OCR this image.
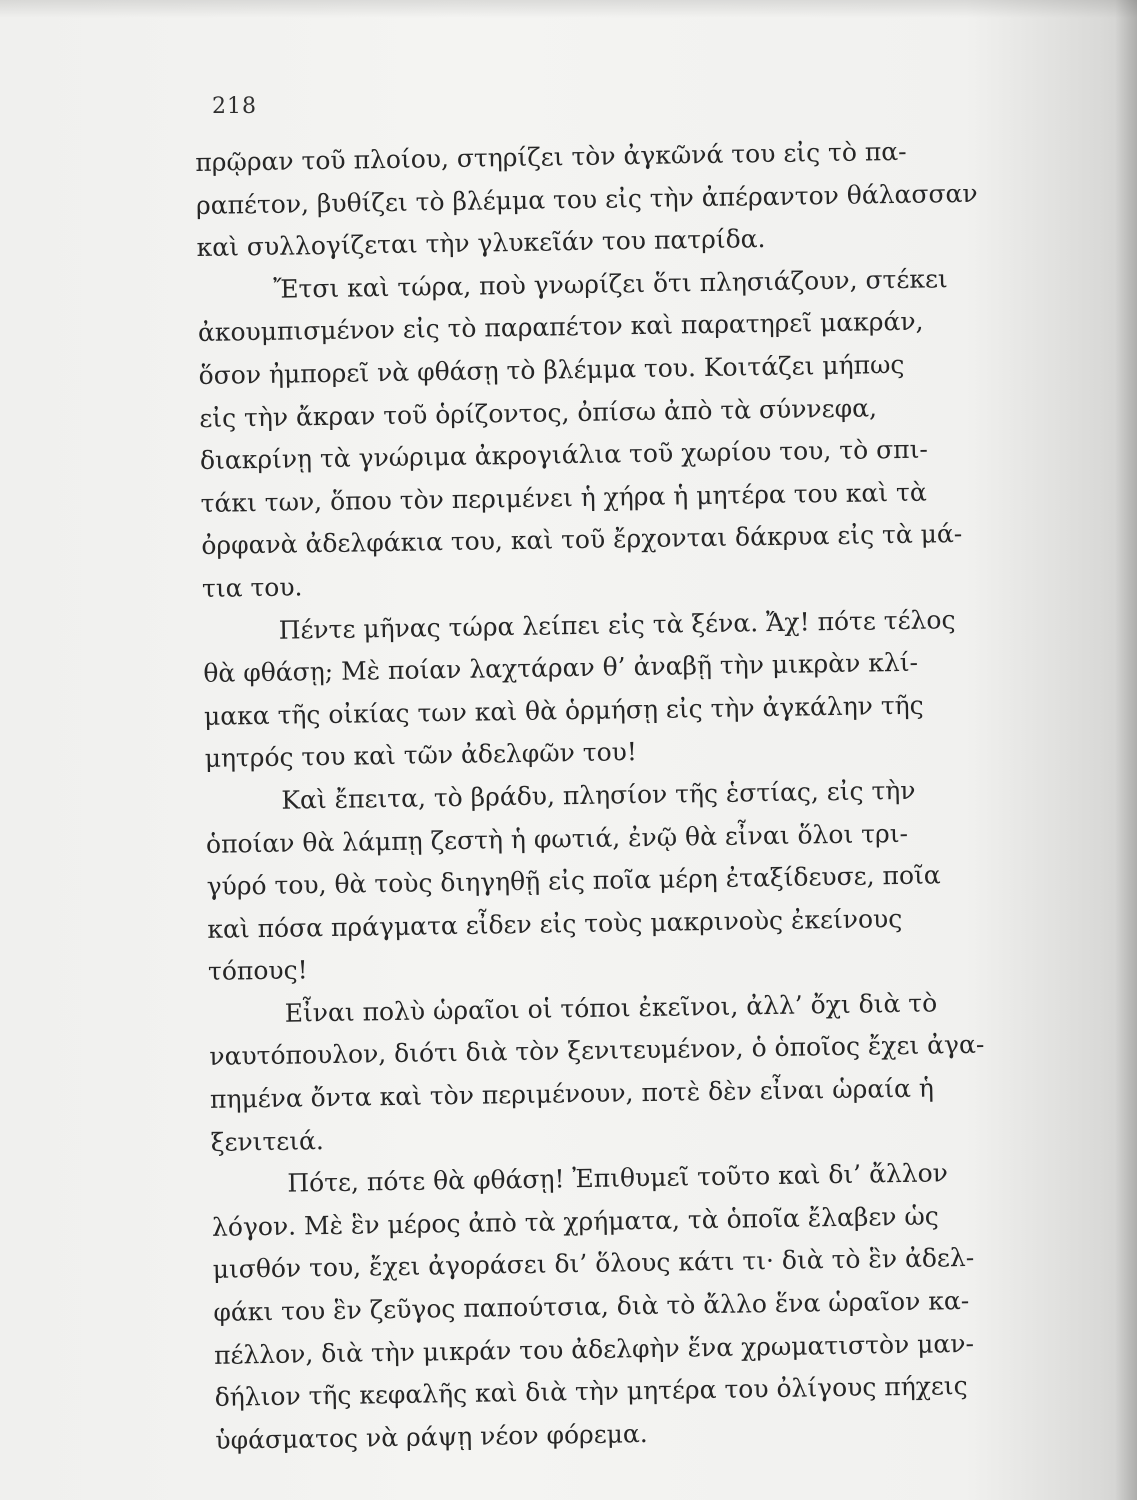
218

πρῷραν τοῦ πλοίου, στηρίζει τὸν ἀγκῶνά του εἰς τὸ πα-
ραπέτον, βυθίζει τὸ βλέμμα του εἰς τὴν ἀπέραντον θάλασσαν
καὶ συλλογίζεται τὴν γλυκεῖάν του πατρίδα.

Ἔτσι καὶ τώρα, ποὺ γνωρίζει ὅτι πλησιάζουν, στέκει
ἀκουμπισμένον εἰς τὸ παραπέτον καὶ παρατηρεῖ μακράν,
ὅσον ἠμπορεῖ νὰ φθάσῃ τὸ βλέμμα του. Κοιτάζει μήπως
εἰς τὴν ἄκραν τοῦ ὁρίζοντος, ὀπίσω ἀπὸ τὰ σύννεφα,
διακρίνῃ τὰ γνώριμα ἀκρογιάλια τοῦ χωρίου του, τὸ σπι-
τάκι των, ὅπου τὸν περιμένει ἡ χήρα ἡ μητέρα του καὶ τὰ
ὀρφανὰ ἀδελφάκια του, καὶ τοῦ ἔρχονται δάκρυα εἰς τὰ μά-
τια του.

Πέντε μῆνας τώρα λείπει εἰς τὰ ξένα. Ἄχ! πότε τέλος
θὰ φθάσῃ; Μὲ ποίαν λαχτάραν θ’ ἀναβῇ τὴν μικρὰν κλί-
μακα τῆς οἰκίας των καὶ θὰ ὁρμήσῃ εἰς τὴν ἀγκάλην τῆς
μητρός του καὶ τῶν ἀδελφῶν του!

Καὶ ἔπειτα, τὸ βράδυ, πλησίον τῆς ἑστίας, εἰς τὴν
ὁποίαν θὰ λάμπῃ ζεστὴ ἡ φωτιά, ἐνῷ θὰ εἶναι ὅλοι τρι-
γύρό του, θὰ τοὺς διηγηθῇ εἰς ποῖα μέρη ἐταξίδευσε, ποῖα
καὶ πόσα πράγματα εἶδεν εἰς τοὺς μακρινοὺς ἐκείνους
τόπους!

Εἶναι πολὺ ὡραῖοι οἱ τόποι ἐκεῖνοι, ἀλλ’ ὄχι διὰ τὸ
ναυτόπουλον, διότι διὰ τὸν ξενιτευμένον, ὁ ὁποῖος ἔχει ἀγα-
πημένα ὄντα καὶ τὸν περιμένουν, ποτὲ δὲν εἶναι ὡραία ἡ
ξενιτειά.

Πότε, πότε θὰ φθάσῃ! Ἐπιθυμεῖ τοῦτο καὶ δι’ ἄλλον
λόγον. Μὲ ἓν μέρος ἀπὸ τὰ χρήματα, τὰ ὁποῖα ἔλαβεν ὡς
μισθόν του, ἔχει ἀγοράσει δι’ ὅλους κάτι τι· διὰ τὸ ἓν ἀδελ-
φάκι του ἓν ζεῦγος παπούτσια, διὰ τὸ ἄλλο ἕνα ὡραῖον κα-
πέλλον, διὰ τὴν μικράν του ἀδελφὴν ἕνα χρωματιστὸν μαν-
δήλιον τῆς κεφαλῆς καὶ διὰ τὴν μητέρα του ὀλίγους πήχεις
ὑφάσματος νὰ ράψῃ νέον φόρεμα.
